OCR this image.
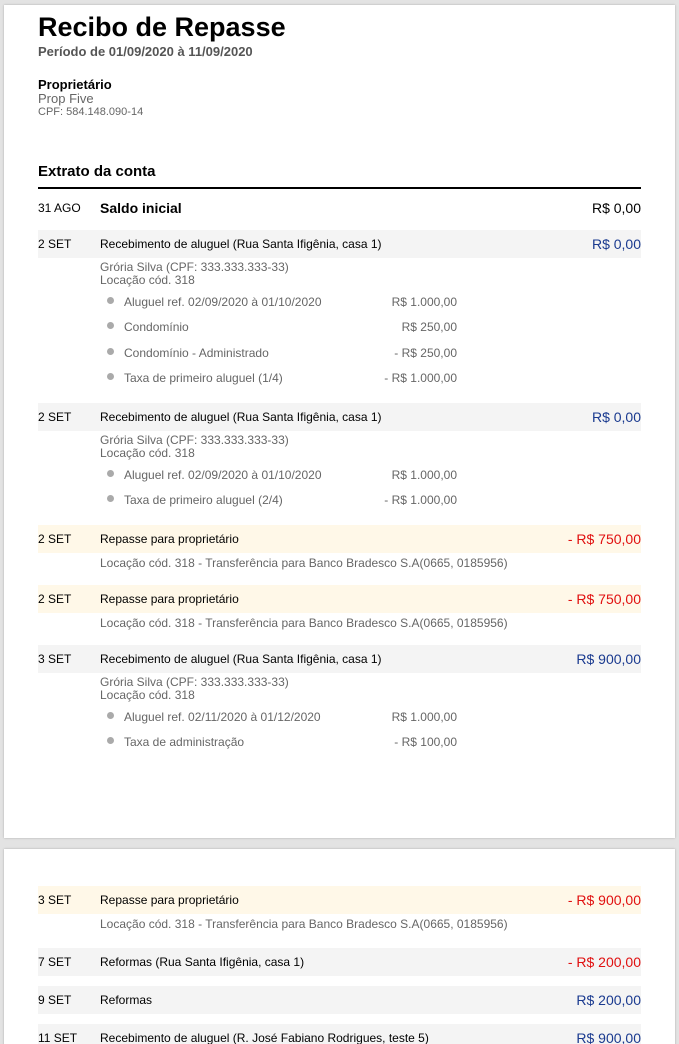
Recibo de Repasse
Período de 01/09/2020 à 11/09/2020
Proprietário
Prop Five
CPF: 584.148.090-14
Extrato da conta
31 AGO	Saldo inicial	R$ 0,00
2 SET	Recebimento de aluguel (Rua Santa Ifigênia, casa 1)	R$ 0,00
Grória Silva (CPF: 333.333.333-33)
Locação cód. 318
Aluguel ref. 02/09/2020 à 01/10/2020	R$ 1.000,00
Condomínio	R$ 250,00
Condomínio - Administrado	- R$ 250,00
Taxa de primeiro aluguel (1/4)	- R$ 1.000,00
2 SET	Recebimento de aluguel (Rua Santa Ifigênia, casa 1)	R$ 0,00
Grória Silva (CPF: 333.333.333-33)
Locação cód. 318
Aluguel ref. 02/09/2020 à 01/10/2020	R$ 1.000,00
Taxa de primeiro aluguel (2/4)	- R$ 1.000,00
2 SET	Repasse para proprietário	- R$ 750,00
Locação cód. 318 - Transferência para Banco Bradesco S.A(0665, 0185956)
2 SET	Repasse para proprietário	- R$ 750,00
Locação cód. 318 - Transferência para Banco Bradesco S.A(0665, 0185956)
3 SET	Recebimento de aluguel (Rua Santa Ifigênia, casa 1)	R$ 900,00
Grória Silva (CPF: 333.333.333-33)
Locação cód. 318
Aluguel ref. 02/11/2020 à 01/12/2020	R$ 1.000,00
Taxa de administração	- R$ 100,00
3 SET	Repasse para proprietário	- R$ 900,00
Locação cód. 318 - Transferência para Banco Bradesco S.A(0665, 0185956)
7 SET	Reformas (Rua Santa Ifigênia, casa 1)	- R$ 200,00
9 SET	Reformas	R$ 200,00
11 SET	Recebimento de aluguel (R. José Fabiano Rodrigues, teste 5)	R$ 900,00
